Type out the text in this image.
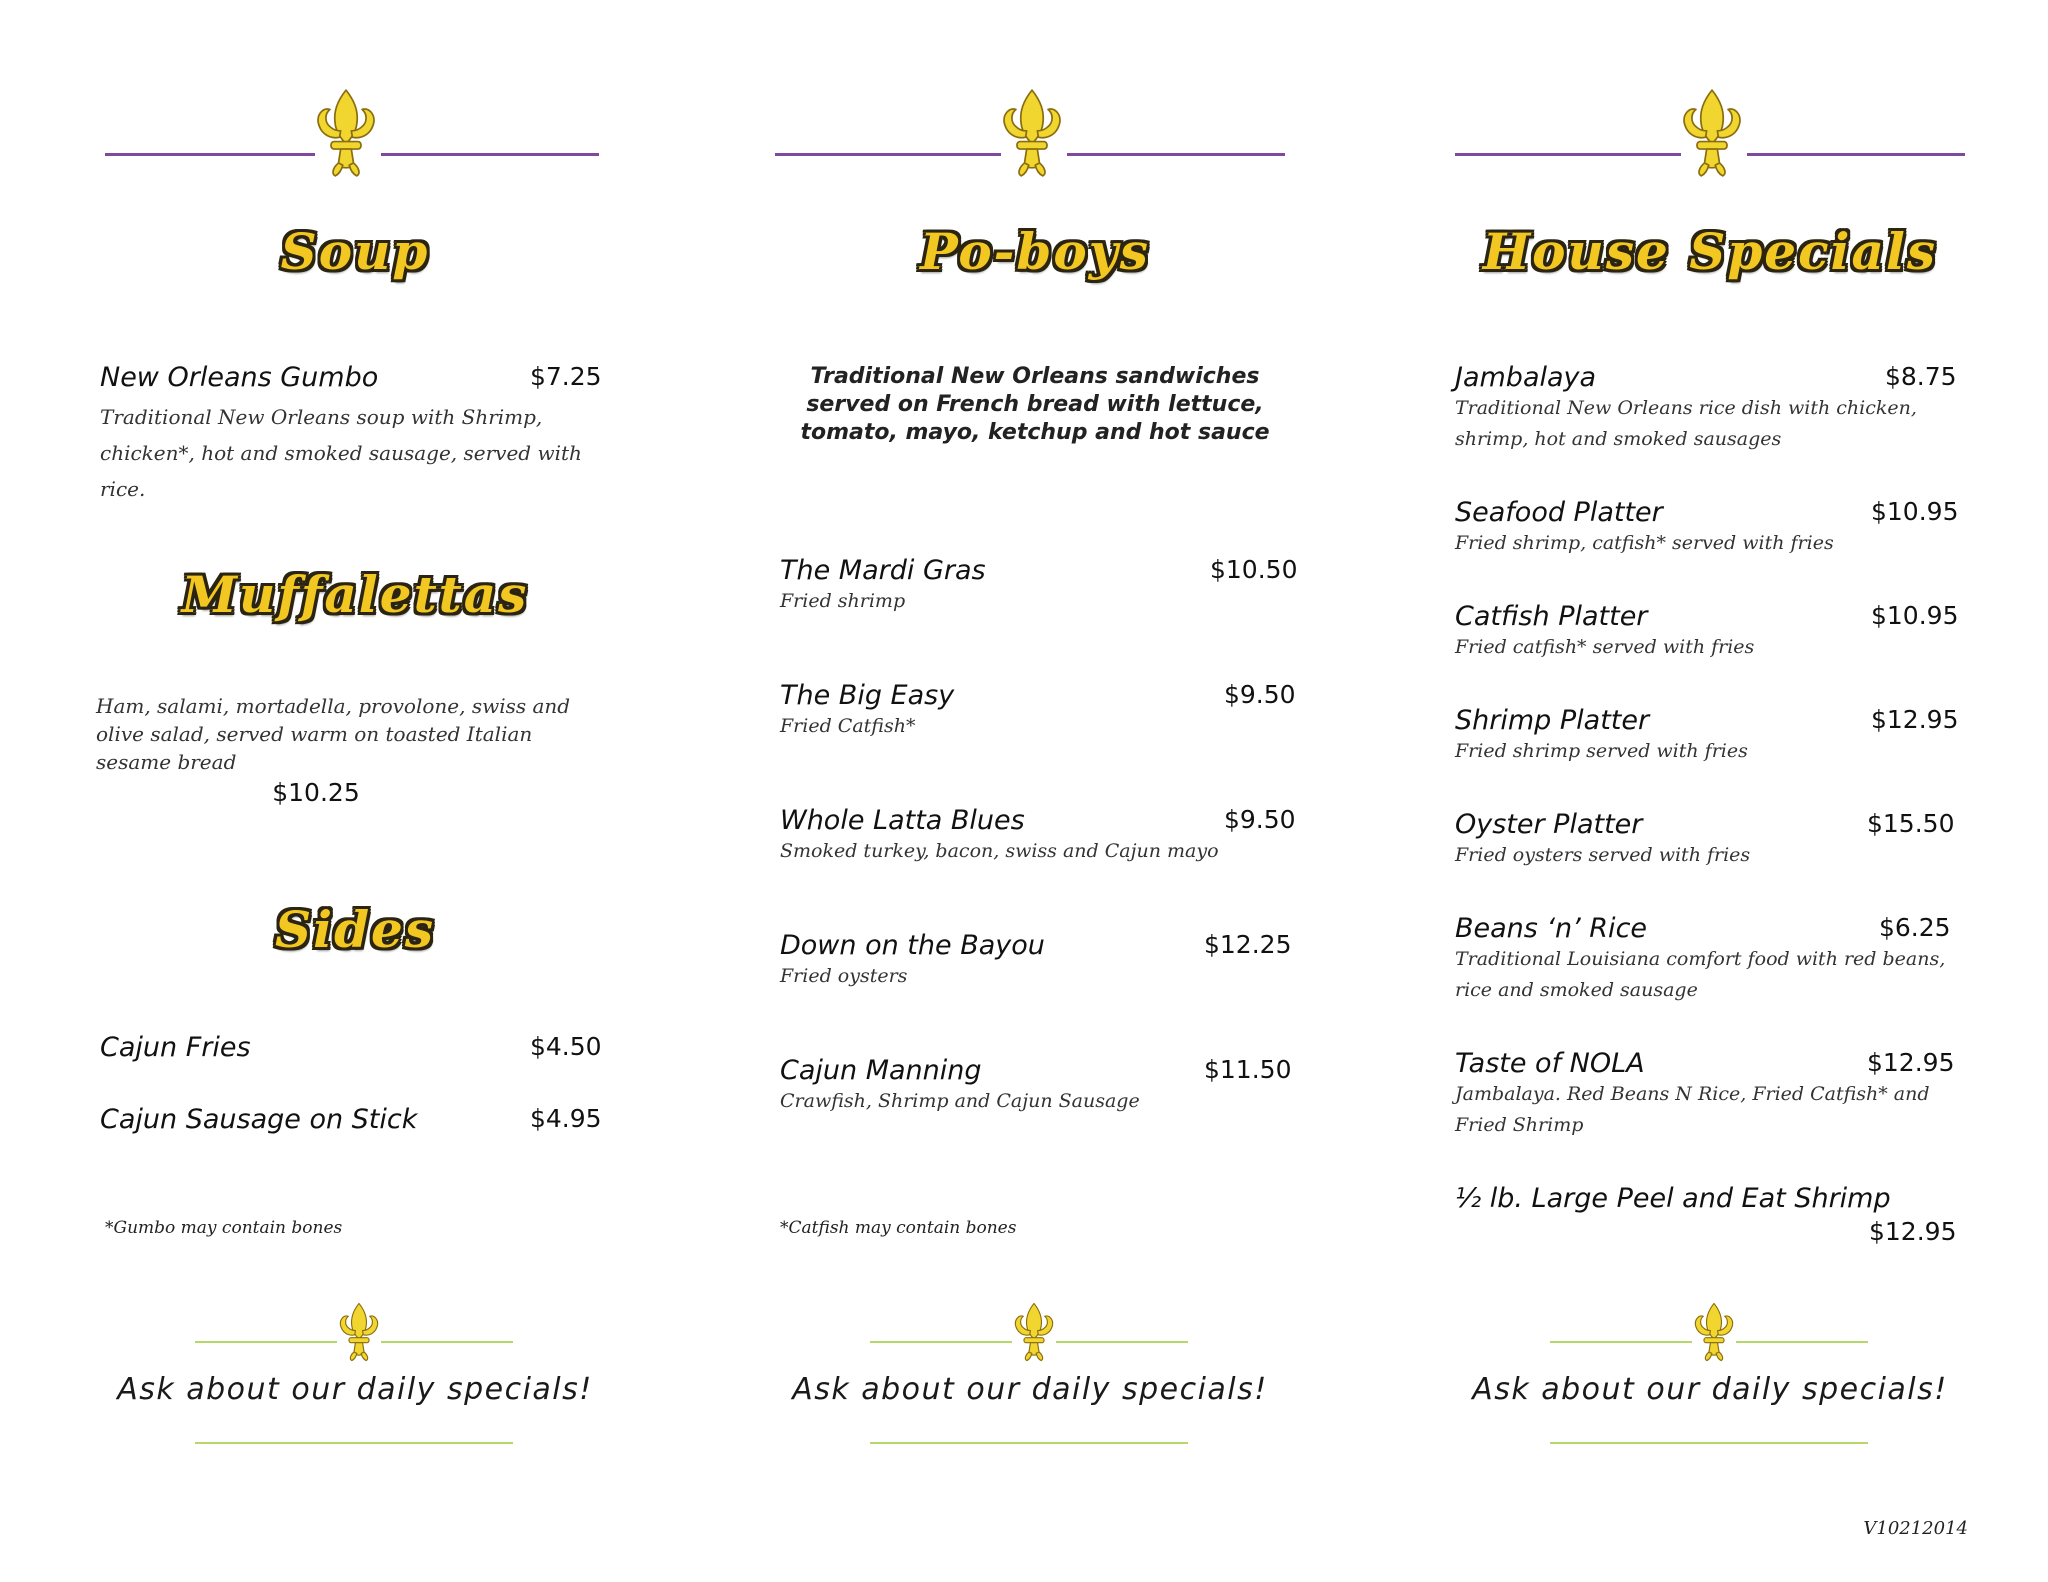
Soup
New Orleans Gumbo	$7.25
Traditional New Orleans soup with Shrimp, chicken*, hot and smoked sausage, served with rice.
Muffalettas
Ham, salami, mortadella, provolone, swiss and olive salad, served warm on toasted Italian sesame bread
$10.25
Sides
Cajun Fries	$4.50
Cajun Sausage on Stick	$4.95
*Gumbo may contain bones
Ask about our daily specials!
Po-boys
Traditional New Orleans sandwiches served on French bread with lettuce, tomato, mayo, ketchup and hot sauce
The Mardi Gras	$10.50
Fried shrimp
The Big Easy	$9.50
Fried Catfish*
Whole Latta Blues	$9.50
Smoked turkey, bacon, swiss and Cajun mayo
Down on the Bayou	$12.25
Fried oysters
Cajun Manning	$11.50
Crawfish, Shrimp and Cajun Sausage
*Catfish may contain bones
Ask about our daily specials!
House Specials
Jambalaya	$8.75
Traditional New Orleans rice dish with chicken, shrimp, hot and smoked sausages
Seafood Platter	$10.95
Fried shrimp, catfish* served with fries
Catfish Platter	$10.95
Fried catfish* served with fries
Shrimp Platter	$12.95
Fried shrimp served with fries
Oyster Platter	$15.50
Fried oysters served with fries
Beans ‘n’ Rice	$6.25
Traditional Louisiana comfort food with red beans, rice and smoked sausage
Taste of NOLA	$12.95
Jambalaya. Red Beans N Rice, Fried Catfish* and Fried Shrimp
½ lb. Large Peel and Eat Shrimp
$12.95
Ask about our daily specials!
V10212014
